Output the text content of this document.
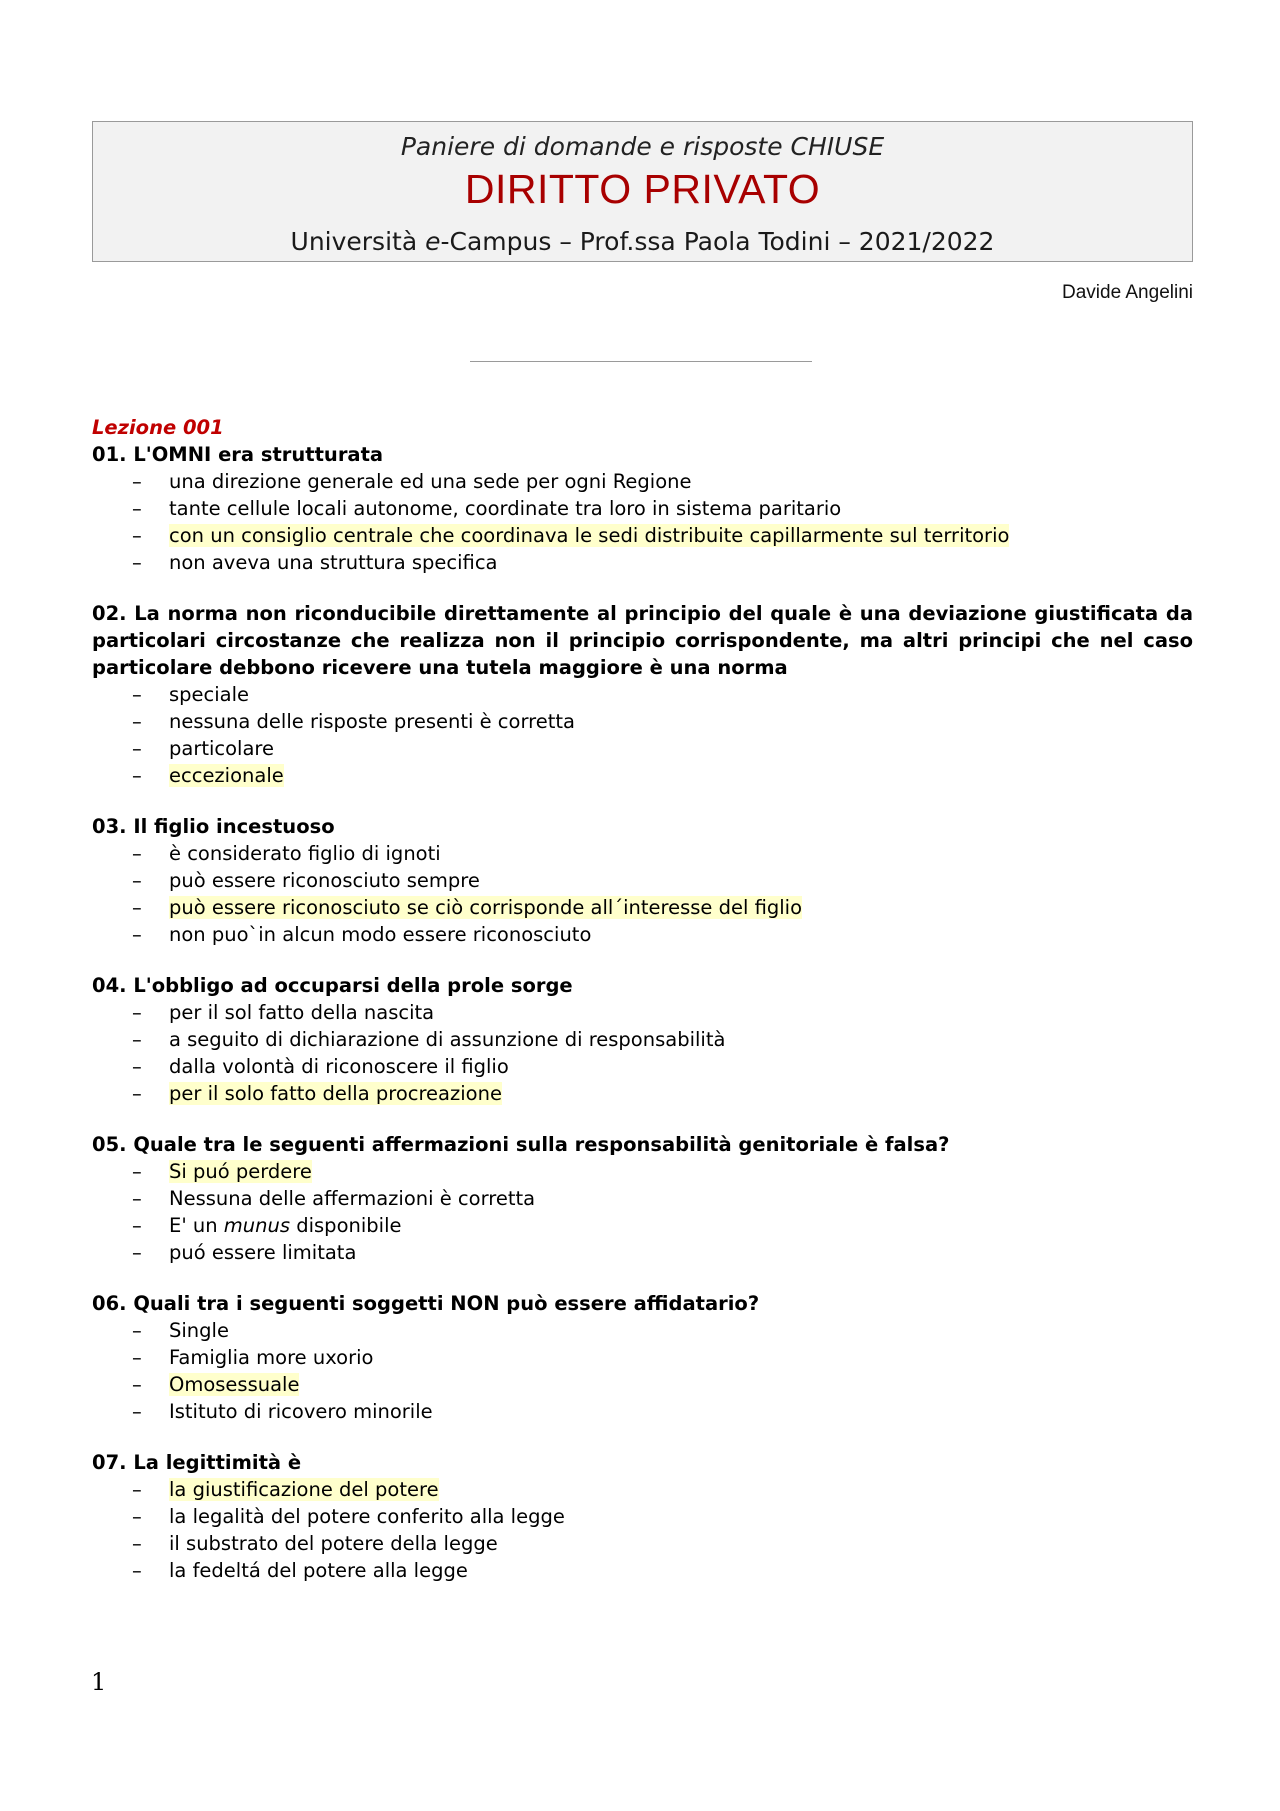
Paniere di domande e risposte CHIUSE
DIRITTO PRIVATO
Università e-Campus – Prof.ssa Paola Todini – 2021/2022
Davide Angelini
Lezione 001
01. L'OMNI era strutturata
– una direzione generale ed una sede per ogni Regione
– tante cellule locali autonome, coordinate tra loro in sistema paritario
– con un consiglio centrale che coordinava le sedi distribuite capillarmente sul territorio
– non aveva una struttura specifica
02. La norma non riconducibile direttamente al principio del quale è una deviazione giustificata da particolari circostanze che realizza non il principio corrispondente, ma altri principi che nel caso particolare debbono ricevere una tutela maggiore è una norma
– speciale
– nessuna delle risposte presenti è corretta
– particolare
– eccezionale
03. Il figlio incestuoso
– è considerato figlio di ignoti
– può essere riconosciuto sempre
– può essere riconosciuto se ciò corrisponde all´interesse del figlio
– non puo`in alcun modo essere riconosciuto
04. L'obbligo ad occuparsi della prole sorge
– per il sol fatto della nascita
– a seguito di dichiarazione di assunzione di responsabilità
– dalla volontà di riconoscere il figlio
– per il solo fatto della procreazione
05. Quale tra le seguenti affermazioni sulla responsabilità genitoriale è falsa?
– Si puó perdere
– Nessuna delle affermazioni è corretta
– E' un munus disponibile
– puó essere limitata
06. Quali tra i seguenti soggetti NON può essere affidatario?
– Single
– Famiglia more uxorio
– Omosessuale
– Istituto di ricovero minorile
07. La legittimità è
– la giustificazione del potere
– la legalità del potere conferito alla legge
– il substrato del potere della legge
– la fedeltá del potere alla legge
1
